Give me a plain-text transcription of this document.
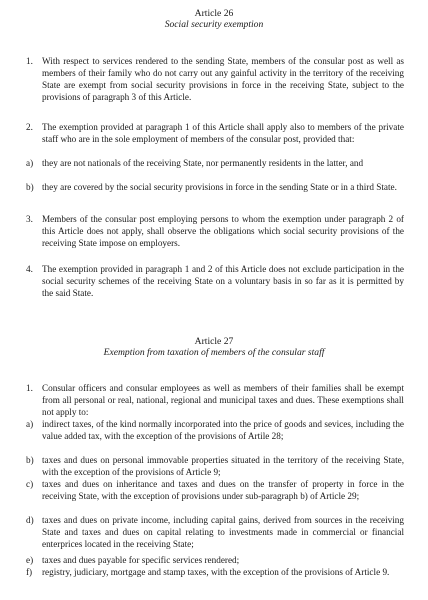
Article 26
Social security exemption
1. With respect to services rendered to the sending State, members of the consular post as well as members of their family who do not carry out any gainful activity in the territory of the receiving State are exempt from social security provisions in force in the receiving State, subject to the provisions of paragraph 3 of this Article.
2. The exemption provided at paragraph 1 of this Article shall apply also to members of the private staff who are in the sole employment of members of the consular post, provided that:
a) they are not nationals of the receiving State, nor permanently residents in the latter, and
b) they are covered by the social security provisions in force in the sending State or in a third State.
3. Members of the consular post employing persons to whom the exemption under paragraph 2 of this Article does not apply, shall observe the obligations which social security provisions of the receiving State impose on employers.
4. The exemption provided in paragraph 1 and 2 of this Article does not exclude participation in the social security schemes of the receiving State on a voluntary basis in so far as it is permitted by the said State.
Article 27
Exemption from taxation of members of the consular staff
1. Consular officers and consular employees as well as members of their families shall be exempt from all personal or real, national, regional and municipal taxes and dues. These exemptions shall not apply to:
a) indirect taxes, of the kind normally incorporated into the price of goods and sevices, including the value added tax, with the exception of the provisions of Artile 28;
b) taxes and dues on personal immovable properties situated in the territory of the receiving State, with the exception of the provisions of Article 9;
c) taxes and dues on inheritance and taxes and dues on the transfer of property in force in the receiving State, with the exception of provisions under sub-paragraph b) of Article 29;
d) taxes and dues on private income, including capital gains, derived from sources in the receiving State and taxes and dues on capital relating to investments made in commercial or financial enterprices located in the receiving State;
e) taxes and dues payable for specific services rendered;
f) registry, judiciary, mortgage and stamp taxes, with the exception of the provisions of Article 9.
